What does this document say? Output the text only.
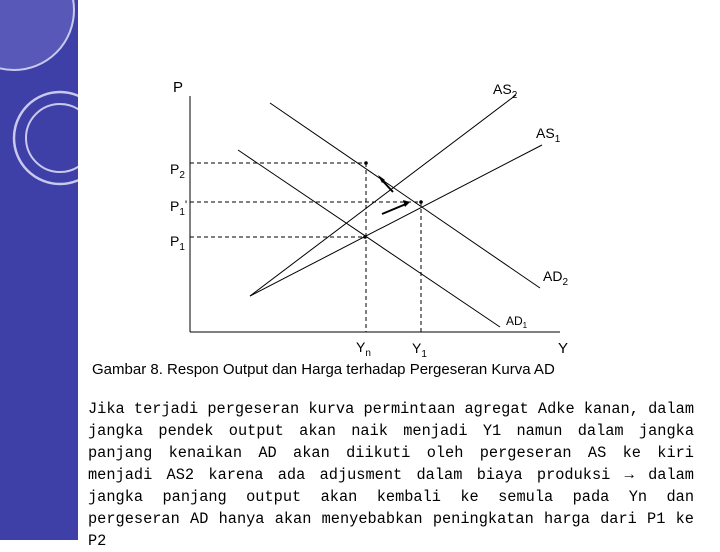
P
Y
$AS_2$
$AS_1$
$AD_2$
$AD_1$
$P_2$
$P_1'$
$P_1$
$Y_n$	$Y_1$
Gambar 8. Respon Output dan Harga terhadap Pergeseran Kurva AD

Jika terjadi pergeseran kurva permintaan agregat Adke kanan, dalam jangka pendek output akan naik menjadi Y1 namun dalam jangka panjang kenaikan AD akan diikuti oleh pergeseran AS ke kiri menjadi AS2 karena ada adjusment dalam biaya produksi → dalam jangka panjang output akan kembali ke semula pada Yn dan pergeseran AD hanya akan menyebabkan peningkatan harga dari P1 ke P2
